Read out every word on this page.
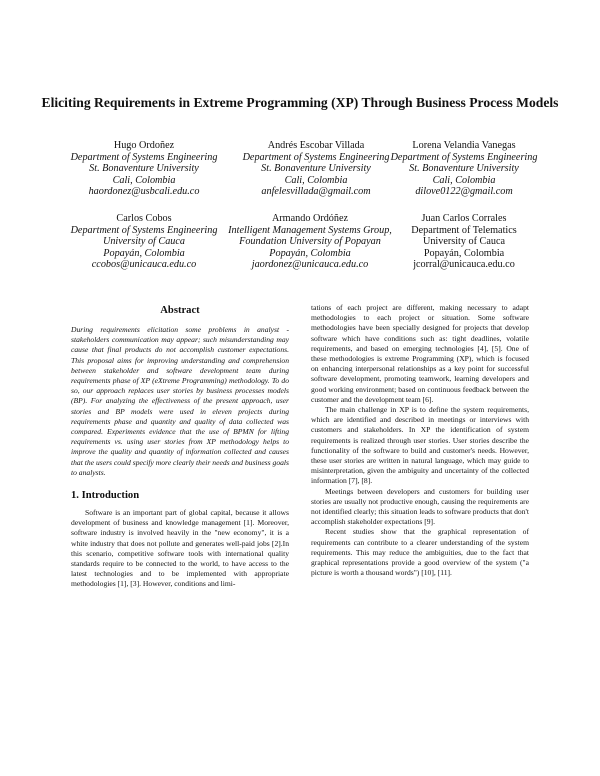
Eliciting Requirements in Extreme Programming (XP) Through Business Process Models
Hugo Ordoñez
Department of Systems Engineering
St. Bonaventure University
Cali, Colombia
haordonez@usbcali.edu.co
Andrés Escobar Villada
Department of Systems Engineering
St. Bonaventure University
Cali, Colombia
anfelesvillada@gmail.com
Lorena Velandia Vanegas
Department of Systems Engineering
St. Bonaventure University
Cali, Colombia
dilove0122@gmail.com
Carlos Cobos
Department of Systems Engineering University of Cauca
Popayán, Colombia
ccobos@unicauca.edu.co
Armando Ordóñez
Intelligent Management Systems Group, Foundation University of Popayan
Popayán, Colombia
jaordonez@unicauca.edu.co
Juan Carlos Corrales
Department of Telematics
University of Cauca
Popayán, Colombia
jcorral@unicauca.edu.co
Abstract

During requirements elicitation some problems in analyst - stakeholders communication may appear; such misunderstanding may cause that final products do not accomplish customer expectations. This proposal aims for improving understanding and comprehension between stakeholder and software development team during requirements phase of XP (eXtreme Programming) methodology. To do so, our approach replaces user stories by business processes models (BP). For analyzing the effectiveness of the present approach, user stories and BP models were used in eleven projects during requirements phase and quantity and quality of data collected was compared. Experiments evidence that the use of BPMN for lifting requirements vs. using user stories from XP methodology helps to improve the quality and quantity of information collected and causes that the users could specify more clearly their needs and business goals to analysts.

1. Introduction

Software is an important part of global capital, because it allows development of business and knowledge management [1]. Moreover, software industry is involved heavily in the "new economy", it is a white industry that does not pollute and generates well-paid jobs [2].In this scenario, competitive software tools with international quality standards require to be connected to the world, to have access to the latest technologies and to be implemented with appropriate methodologies [1], [3]. However, conditions and limi-

tations of each project are different, making necessary to adapt methodologies to each project or situation. Some software methodologies have been specially designed for projects that develop software which have conditions such as: tight deadlines, volatile requirements, and based on emerging technologies [4], [5]. One of these methodologies is extreme Programming (XP), which is focused on enhancing interpersonal relationships as a key point for successful software development, promoting teamwork, learning developers and good working environment; based on continuous feedback between the customer and the development team [6].

The main challenge in XP is to define the system requirements, which are identified and described in meetings or interviews with customers and stakeholders. In XP the identification of system requirements is realized through user stories. User stories describe the functionality of the software to build and customer's needs. However, these user stories are written in natural language, which may guide to misinterpretation, given the ambiguity and uncertainty of the collected information [7], [8].

Meetings between developers and customers for building user stories are usually not productive enough, causing the requirements are not identified clearly; this situation leads to software products that don't accomplish stakeholder expectations [9].

Recent studies show that the graphical representation of requirements can contribute to a clearer understanding of the system requirements. This may reduce the ambiguities, due to the fact that graphical representations provide a good overview of the system ("a picture is worth a thousand words") [10], [11].
